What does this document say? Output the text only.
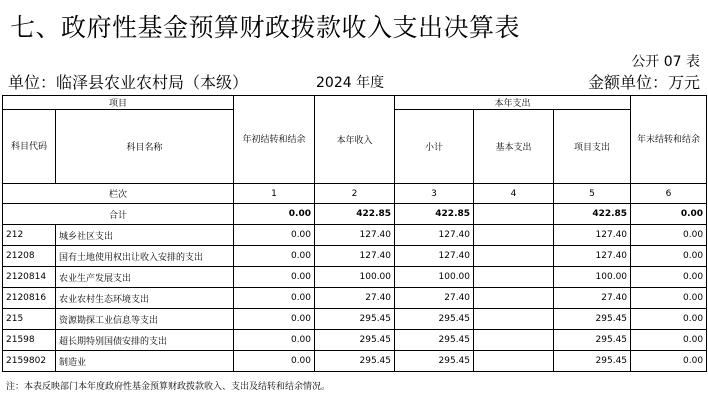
七、政府性基金预算财政拨款收入支出决算表
公开 07 表
单位：临泽县农业农村局（本级）	2024 年度	金额单位：万元
项目		年初结转和结余	本年收入	本年支出			年末结转和结余
科目代码	科目名称			小计	基本支出	项目支出	
栏次		1	2	3	4	5	6
合计		0.00	422.85	422.85		422.85	0.00
212	城乡社区支出	0.00	127.40	127.40		127.40	0.00
21208	国有土地使用权出让收入安排的支出	0.00	127.40	127.40		127.40	0.00
2120814	农业生产发展支出	0.00	100.00	100.00		100.00	0.00
2120816	农业农村生态环境支出	0.00	27.40	27.40		27.40	0.00
215	资源勘探工业信息等支出	0.00	295.45	295.45		295.45	0.00
21598	超长期特别国债安排的支出	0.00	295.45	295.45		295.45	0.00
2159802	制造业	0.00	295.45	295.45		295.45	0.00
注：本表反映部门本年度政府性基金预算财政拨款收入、支出及结转和结余情况。
